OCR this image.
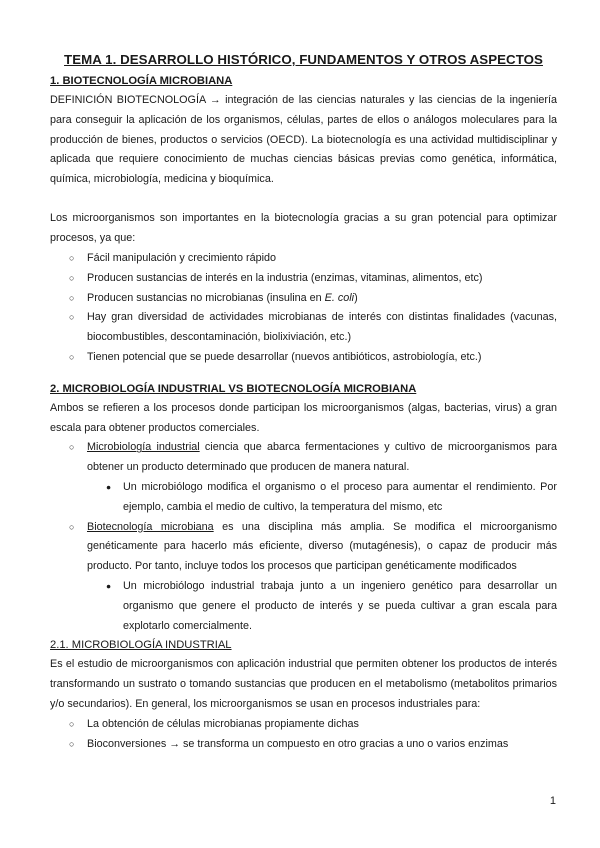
TEMA 1. DESARROLLO HISTÓRICO, FUNDAMENTOS Y OTROS ASPECTOS
1. BIOTECNOLOGÍA MICROBIANA

DEFINICIÓN BIOTECNOLOGÍA → integración de las ciencias naturales y las ciencias de la ingeniería para conseguir la aplicación de los organismos, células, partes de ellos o análogos moleculares para la producción de bienes, productos o servicios (OECD). La biotecnología es una actividad multidisciplinar y aplicada que requiere conocimiento de muchas ciencias básicas previas como genética, informática, química, microbiología, medicina y bioquímica.

Los microorganismos son importantes en la biotecnología gracias a su gran potencial para optimizar procesos, ya que:

○ Fácil manipulación y crecimiento rápido
○ Producen sustancias de interés en la industria (enzimas, vitaminas, alimentos, etc)
○ Producen sustancias no microbianas (insulina en E. coli)
○ Hay gran diversidad de actividades microbianas de interés con distintas finalidades (vacunas, biocombustibles, descontaminación, biolixiviación, etc.)
○ Tienen potencial que se puede desarrollar (nuevos antibióticos, astrobiología, etc.)
2. MICROBIOLOGÍA INDUSTRIAL VS BIOTECNOLOGÍA MICROBIANA

Ambos se refieren a los procesos donde participan los microorganismos (algas, bacterias, virus) a gran escala para obtener productos comerciales.

○ Microbiología industrial ciencia que abarca fermentaciones y cultivo de microorganismos para obtener un producto determinado que producen de manera natural.
● Un microbiólogo modifica el organismo o el proceso para aumentar el rendimiento. Por ejemplo, cambia el medio de cultivo, la temperatura del mismo, etc
○ Biotecnología microbiana es una disciplina más amplia. Se modifica el microorganismo genéticamente para hacerlo más eficiente, diverso (mutagénesis), o capaz de producir más producto. Por tanto, incluye todos los procesos que participan genéticamente modificados
● Un microbiólogo industrial trabaja junto a un ingeniero genético para desarrollar un organismo que genere el producto de interés y se pueda cultivar a gran escala para explotarlo comercialmente.
2.1. MICROBIOLOGÍA INDUSTRIAL

Es el estudio de microorganismos con aplicación industrial que permiten obtener los productos de interés transformando un sustrato o tomando sustancias que producen en el metabolismo (metabolitos primarios y/o secundarios). En general, los microorganismos se usan en procesos industriales para:

○ La obtención de células microbianas propiamente dichas
○ Bioconversiones → se transforma un compuesto en otro gracias a uno o varios enzimas
1
